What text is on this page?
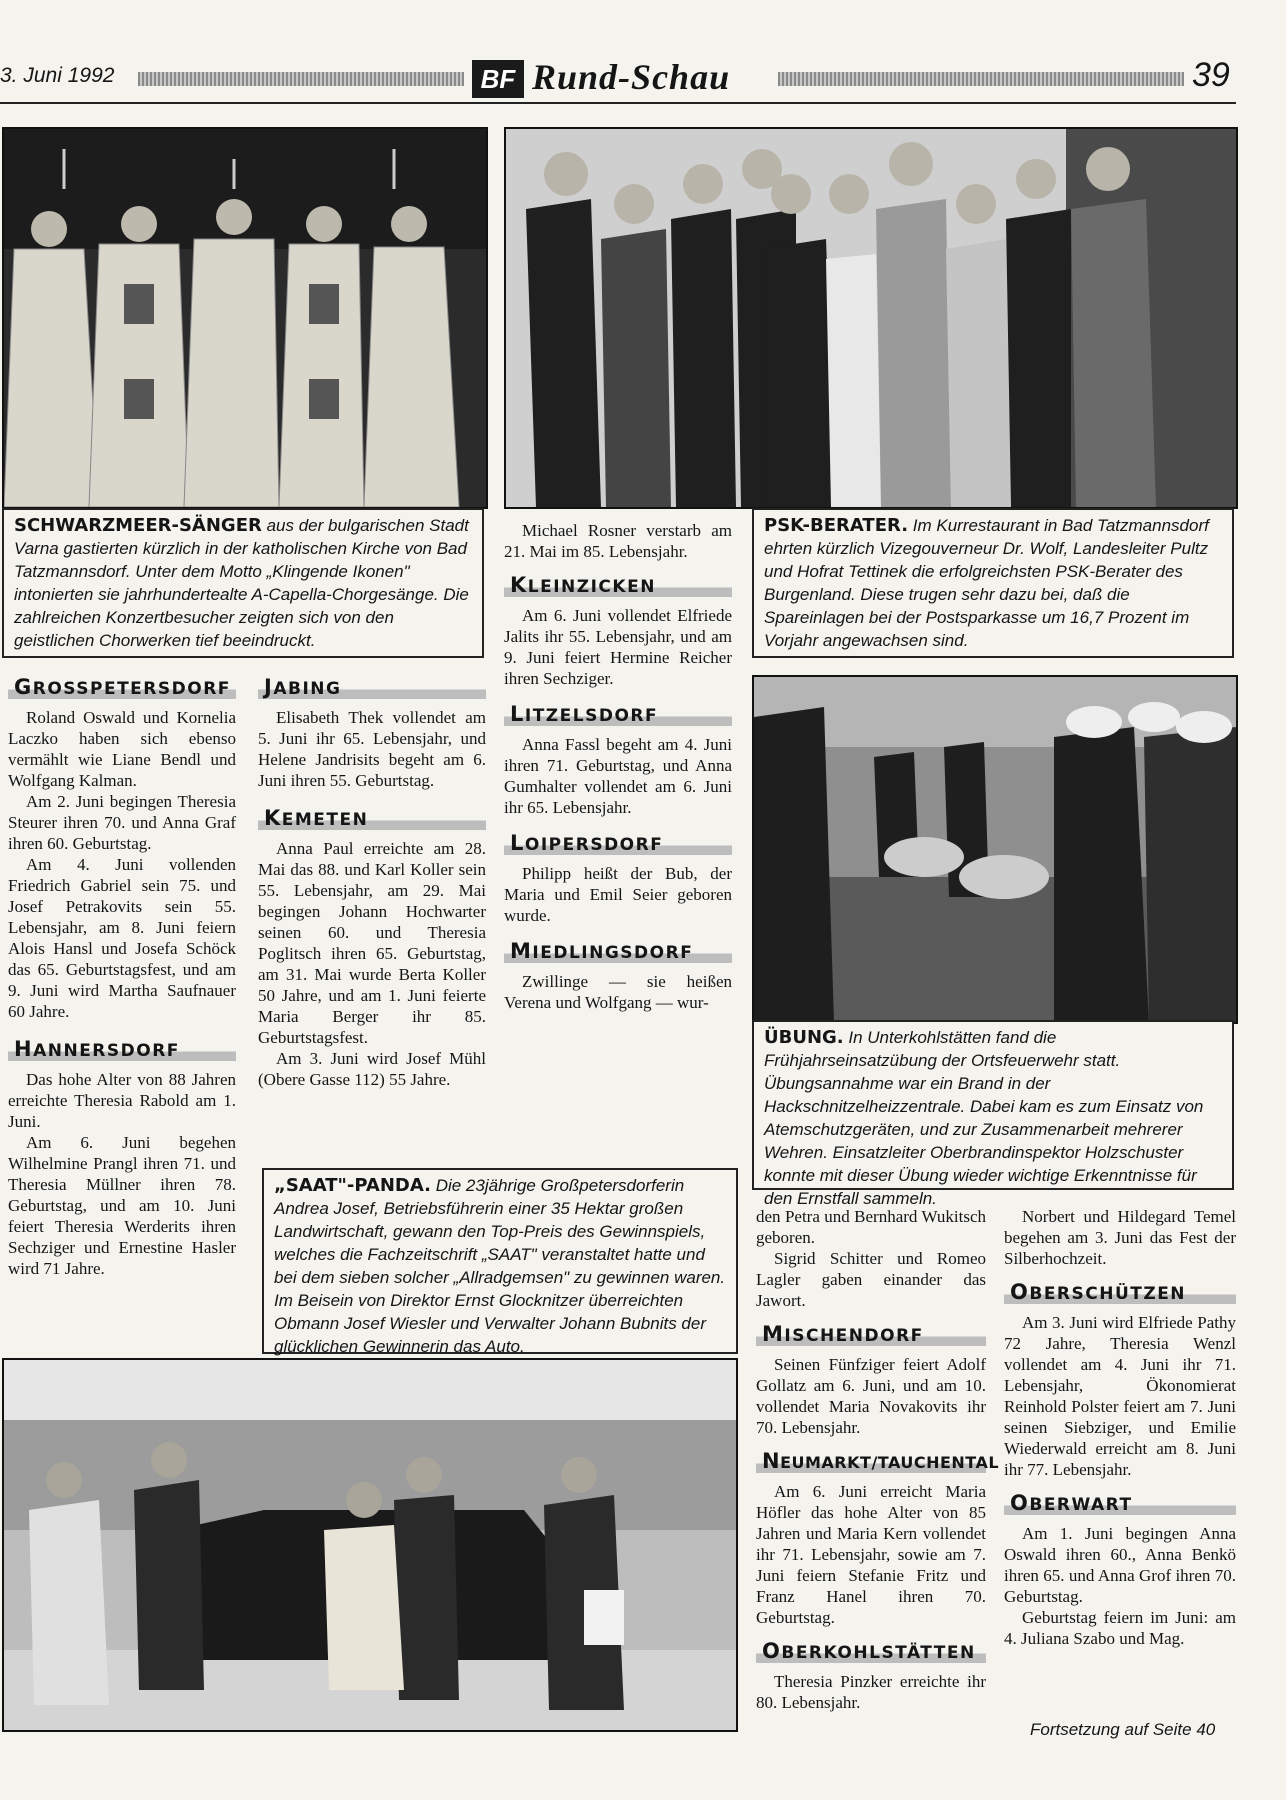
3. Juni 1992	BF Rund-Schau	39
SCHWARZMEER-SÄNGER aus der bulgarischen Stadt Varna gastierten kürzlich in der katholischen Kirche von Bad Tatzmannsdorf. Unter dem Motto „Klingende Ikonen" intonierten sie jahrhundertealte A-Capella-Chorgesänge. Die zahlreichen Konzertbesucher zeigten sich von den geistlichen Chorwerken tief beeindruckt.
PSK-BERATER. Im Kurrestaurant in Bad Tatzmannsdorf ehrten kürzlich Vizegouverneur Dr. Wolf, Landesleiter Pultz und Hofrat Tettinek die erfolgreichsten PSK-Berater des Burgenland. Diese trugen sehr dazu bei, daß die Spareinlagen bei der Postsparkasse um 16,7 Prozent im Vorjahr angewachsen sind.
ÜBUNG. In Unterkohlstätten fand die Frühjahrseinsatzübung der Ortsfeuerwehr statt. Übungsannahme war ein Brand in der Hackschnitzelheizzentrale. Dabei kam es zum Einsatz von Atemschutzgeräten, und zur Zusammenarbeit mehrerer Wehren. Einsatzleiter Oberbrandinspektor Holzschuster konnte mit dieser Übung wieder wichtige Erkenntnisse für den Ernstfall sammeln.
„SAAT"-PANDA. Die 23jährige Großpetersdorferin Andrea Josef, Betriebsführerin einer 35 Hektar großen Landwirtschaft, gewann den Top-Preis des Gewinnspiels, welches die Fachzeitschrift „SAAT" veranstaltet hatte und bei dem sieben solcher „Allradgemsen" zu gewinnen waren. Im Beisein von Direktor Ernst Glocknitzer überreichten Obmann Josef Wiesler und Verwalter Johann Bubnits der glücklichen Gewinnerin das Auto.
GROSSPETERSDORF

Roland Oswald und Kornelia Laczko haben sich ebenso vermählt wie Liane Bendl und Wolfgang Kalman.

Am 2. Juni begingen Theresia Steurer ihren 70. und Anna Graf ihren 60. Geburtstag.

Am 4. Juni vollenden Friedrich Gabriel sein 75. und Josef Petrakovits sein 55. Lebensjahr, am 8. Juni feiern Alois Hansl und Josefa Schöck das 65. Geburtstagsfest, und am 9. Juni wird Martha Saufnauer 60 Jahre.

HANNERSDORF

Das hohe Alter von 88 Jahren erreichte Theresia Rabold am 1. Juni.

Am 6. Juni begehen Wilhelmine Prangl ihren 71. und Theresia Müllner ihren 78. Geburtstag, und am 10. Juni feiert Theresia Werderits ihren Sechziger und Ernestine Hasler wird 71 Jahre.

JABING

Elisabeth Thek vollendet am 5. Juni ihr 65. Lebensjahr, und Helene Jandrisits begeht am 6. Juni ihren 55. Geburtstag.

KEMETEN

Anna Paul erreichte am 28. Mai das 88. und Karl Koller sein 55. Lebensjahr, am 29. Mai begingen Johann Hochwarter seinen 60. und Theresia Poglitsch ihren 65. Geburtstag, am 31. Mai wurde Berta Koller 50 Jahre, und am 1. Juni feierte Maria Berger ihr 85. Geburtstagsfest.

Am 3. Juni wird Josef Mühl (Obere Gasse 112) 55 Jahre.

Michael Rosner verstarb am 21. Mai im 85. Lebensjahr.

KLEINZICKEN

Am 6. Juni vollendet Elfriede Jalits ihr 55. Lebensjahr, und am 9. Juni feiert Hermine Reicher ihren Sechziger.

LITZELSDORF

Anna Fassl begeht am 4. Juni ihren 71. Geburtstag, und Anna Gumhalter vollendet am 6. Juni ihr 65. Lebensjahr.

LOIPERSDORF

Philipp heißt der Bub, der Maria und Emil Seier geboren wurde.

MIEDLINGSDORF

Zwillinge — sie heißen Verena und Wolfgang — wur-

den Petra und Bernhard Wukitsch geboren.

Sigrid Schitter und Romeo Lagler gaben einander das Jawort.

MISCHENDORF

Seinen Fünfziger feiert Adolf Gollatz am 6. Juni, und am 10. vollendet Maria Novakovits ihr 70. Lebensjahr.

NEUMARKT/TAUCHENTAL

Am 6. Juni erreicht Maria Höfler das hohe Alter von 85 Jahren und Maria Kern vollendet ihr 71. Lebensjahr, sowie am 7. Juni feiern Stefanie Fritz und Franz Hanel ihren 70. Geburtstag.

OBERKOHLSTÄTTEN

Theresia Pinzker erreichte ihr 80. Lebensjahr.

Norbert und Hildegard Temel begehen am 3. Juni das Fest der Silberhochzeit.

OBERSCHÜTZEN

Am 3. Juni wird Elfriede Pathy 72 Jahre, Theresia Wenzl vollendet am 4. Juni ihr 71. Lebensjahr, Ökonomierat Reinhold Polster feiert am 7. Juni seinen Siebziger, und Emilie Wiederwald erreicht am 8. Juni ihr 77. Lebensjahr.

OBERWART

Am 1. Juni begingen Anna Oswald ihren 60., Anna Benkö ihren 65. und Anna Grof ihren 70. Geburtstag.

Geburtstag feiern im Juni: am 4. Juliana Szabo und Mag.

Fortsetzung auf Seite 40
